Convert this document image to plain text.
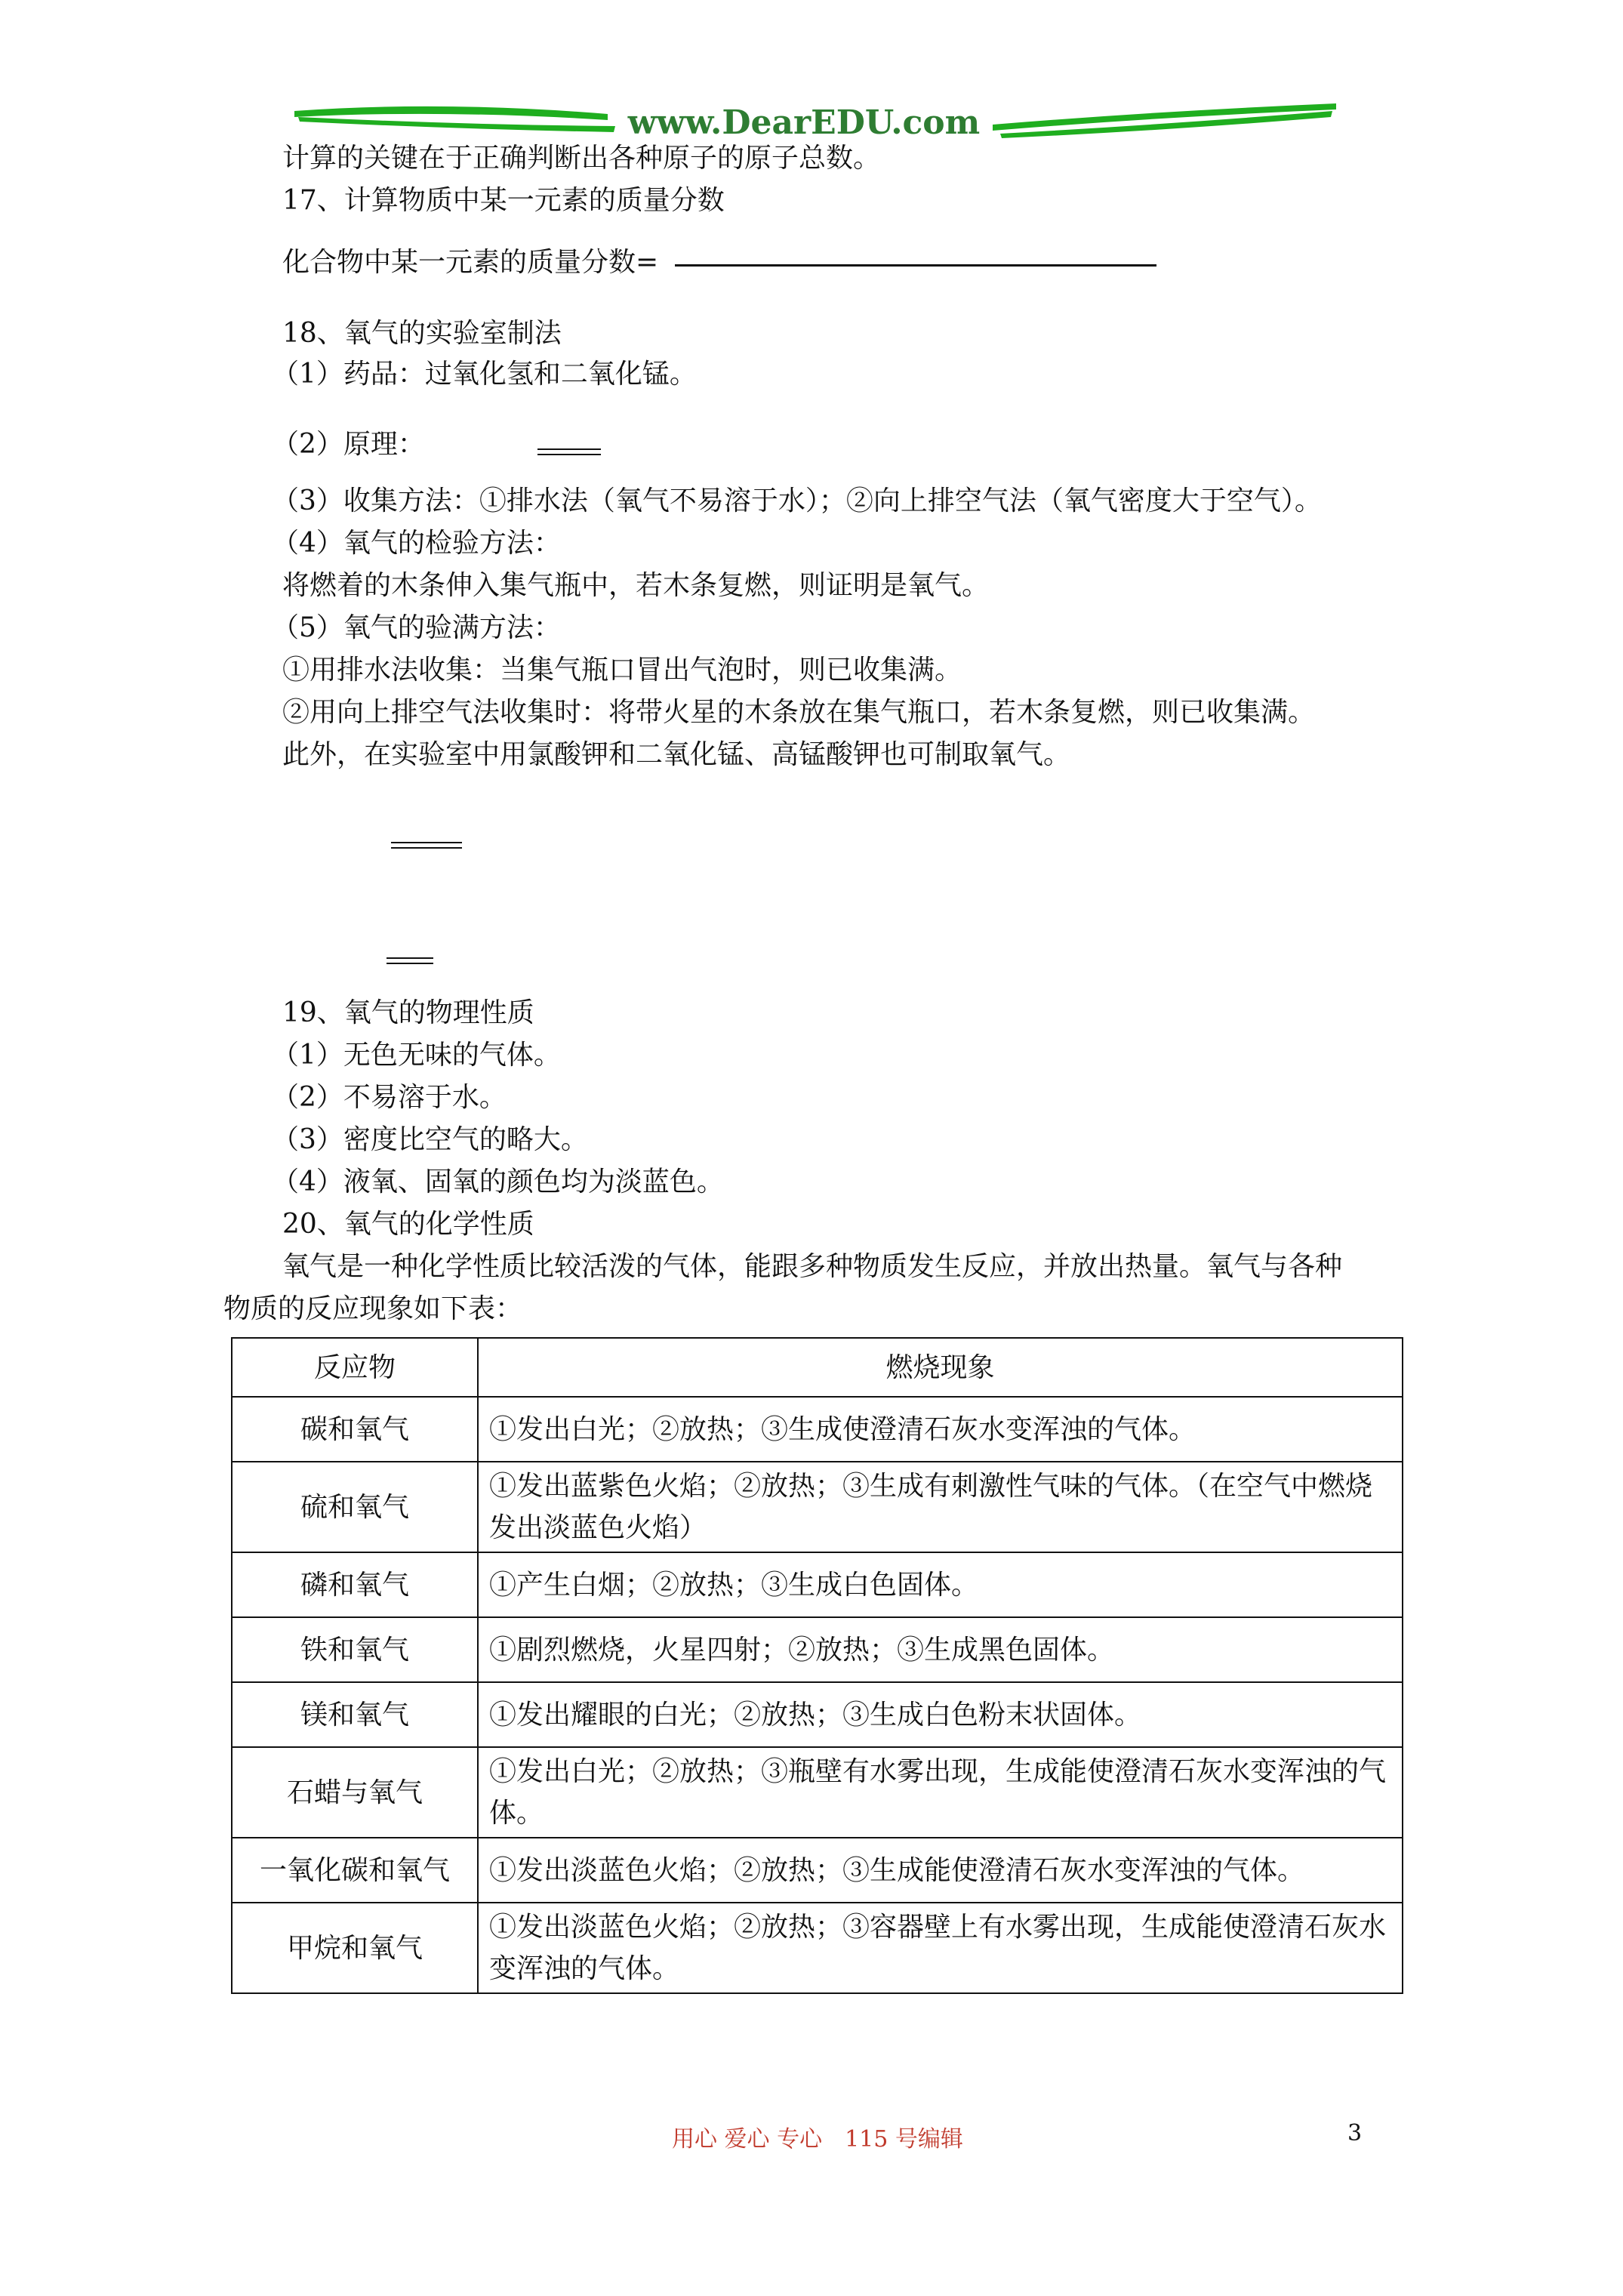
www.DearEDU.com
计算的关键在于正确判断出各种原子的原子总数。
17、计算物质中某一元素的质量分数
化合物中某一元素的质量分数=
18、氧气的实验室制法
（1）药品：过氧化氢和二氧化锰。
（2）原理：
（3）收集方法：①排水法（氧气不易溶于水）；②向上排空气法（氧气密度大于空气）。
（4）氧气的检验方法：
将燃着的木条伸入集气瓶中，若木条复燃，则证明是氧气。
（5）氧气的验满方法：
①用排水法收集：当集气瓶口冒出气泡时，则已收集满。
②用向上排空气法收集时：将带火星的木条放在集气瓶口，若木条复燃，则已收集满。
此外，在实验室中用氯酸钾和二氧化锰、高锰酸钾也可制取氧气。
19、氧气的物理性质
（1）无色无味的气体。
（2）不易溶于水。
（3）密度比空气的略大。
（4）液氧、固氧的颜色均为淡蓝色。
20、氧气的化学性质
氧气是一种化学性质比较活泼的气体，能跟多种物质发生反应，并放出热量。氧气与各种
物质的反应现象如下表：
反应物	燃烧现象
碳和氧气	①发出白光；②放热；③生成使澄清石灰水变浑浊的气体。
硫和氧气	①发出蓝紫色火焰；②放热；③生成有刺激性气味的气体。（在空气中燃烧发出淡蓝色火焰）
磷和氧气	①产生白烟；②放热；③生成白色固体。
铁和氧气	①剧烈燃烧，火星四射；②放热；③生成黑色固体。
镁和氧气	①发出耀眼的白光；②放热；③生成白色粉末状固体。
石蜡与氧气	①发出白光；②放热；③瓶壁有水雾出现，生成能使澄清石灰水变浑浊的气体。
一氧化碳和氧气	①发出淡蓝色火焰；②放热；③生成能使澄清石灰水变浑浊的气体。
甲烷和氧气	①发出淡蓝色火焰；②放热；③容器壁上有水雾出现，生成能使澄清石灰水变浑浊的气体。
用心 爱心 专心　115 号编辑	3
